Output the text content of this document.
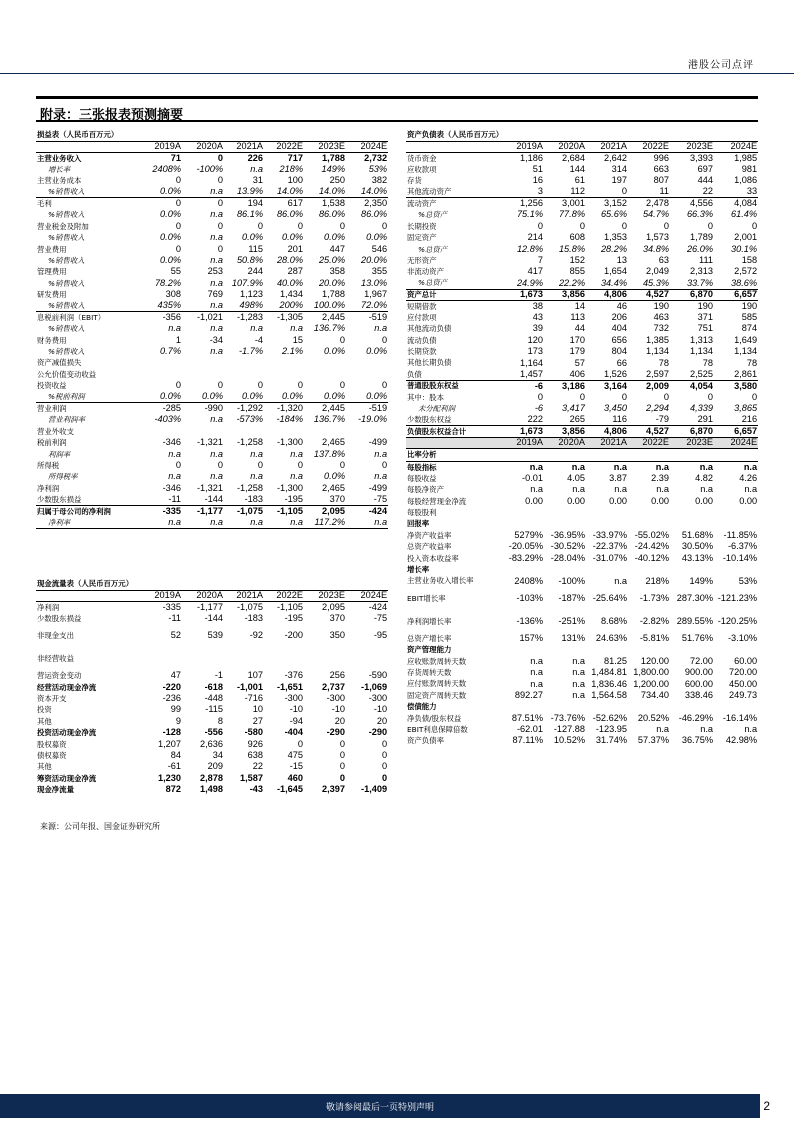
港股公司点评
附录：三张报表预测摘要
损益表（人民币百万元）						
	2019A	2020A	2021A	2022E	2023E	2024E
主营业务收入	71	0	226	717	1,788	2,732
增长率	2408%	-100%	n.a	218%	149%	53%
主营业务成本	0	0	31	100	250	382
%销售收入	0.0%	n.a	13.9%	14.0%	14.0%	14.0%
毛利	0	0	194	617	1,538	2,350
%销售收入	0.0%	n.a	86.1%	86.0%	86.0%	86.0%
营业税金及附加	0	0	0	0	0	0
%销售收入	0.0%	n.a	0.0%	0.0%	0.0%	0.0%
营业费用	0	0	115	201	447	546
%销售收入	0.0%	n.a	50.8%	28.0%	25.0%	20.0%
管理费用	55	253	244	287	358	355
%销售收入	78.2%	n.a	107.9%	40.0%	20.0%	13.0%
研发费用	308	769	1,123	1,434	1,788	1,967
%销售收入	435%	n.a	498%	200%	100.0%	72.0%
息税前利润（EBIT）	-356	-1,021	-1,283	-1,305	2,445	-519
%销售收入	n.a	n.a	n.a	n.a	136.7%	n.a
财务费用	1	-34	-4	15	0	0
%销售收入	0.7%	n.a	-1.7%	2.1%	0.0%	0.0%
资产减值损失						
公允价值变动收益						
投资收益	0	0	0	0	0	0
%税前利润	0.0%	0.0%	0.0%	0.0%	0.0%	0.0%
营业利润	-285	-990	-1,292	-1,320	2,445	-519
营业利润率	-403%	n.a	-573%	-184%	136.7%	-19.0%
营业外收支						
税前利润	-346	-1,321	-1,258	-1,300	2,465	-499
利润率	n.a	n.a	n.a	n.a	137.8%	n.a
所得税	0	0	0	0	0	0
所得税率	n.a	n.a	n.a	n.a	0.0%	n.a
净利润	-346	-1,321	-1,258	-1,300	2,465	-499
少数股东损益	-11	-144	-183	-195	370	-75
归属于母公司的净利润	-335	-1,177	-1,075	-1,105	2,095	-424
净利率	n.a	n.a	n.a	n.a	117.2%	n.a
资产负债表（人民币百万元）						
	2019A	2020A	2021A	2022E	2023E	2024E
货币资金	1,186	2,684	2,642	996	3,393	1,985
应收款项	51	144	314	663	697	981
存货	16	61	197	807	444	1,086
其他流动资产	3	112	0	11	22	33
流动资产	1,256	3,001	3,152	2,478	4,556	4,084
%总资产	75.1%	77.8%	65.6%	54.7%	66.3%	61.4%
长期投资	0	0	0	0	0	0
固定资产	214	608	1,353	1,573	1,789	2,001
%总资产	12.8%	15.8%	28.2%	34.8%	26.0%	30.1%
无形资产	7	152	13	63	111	158
非流动资产	417	855	1,654	2,049	2,313	2,572
%总资产	24.9%	22.2%	34.4%	45.3%	33.7%	38.6%
资产总计	1,673	3,856	4,806	4,527	6,870	6,657
短期借款	38	14	46	190	190	190
应付款项	43	113	206	463	371	585
其他流动负债	39	44	404	732	751	874
流动负债	120	170	656	1,385	1,313	1,649
长期贷款	173	179	804	1,134	1,134	1,134
其他长期负债	1,164	57	66	78	78	78
负债	1,457	406	1,526	2,597	2,525	2,861
普通股股东权益	-6	3,186	3,164	2,009	4,054	3,580
其中：股本	0	0	0	0	0	0
未分配利润	-6	3,417	3,450	2,294	4,339	3,865
少数股东权益	222	265	116	-79	291	216
负债股东权益合计	1,673	3,856	4,806	4,527	6,870	6,657
	2019A	2020A	2021A	2022E	2023E	2024E
比率分析						
每股指标	n.a	n.a	n.a	n.a	n.a	n.a
每股收益	-0.01	4.05	3.87	2.39	4.82	4.26
每股净资产	n.a	n.a	n.a	n.a	n.a	n.a
每股经营现金净流	0.00	0.00	0.00	0.00	0.00	0.00
每股股利						
回报率						
净资产收益率	5279%	-36.95%	-33.97%	-55.02%	51.68%	-11.85%
总资产收益率	-20.05%	-30.52%	-22.37%	-24.42%	30.50%	-6.37%
投入资本收益率	-83.29%	-28.04%	-31.07%	-40.12%	43.13%	-10.14%
增长率						
主营业务收入增长率	2408%	-100%	n.a	218%	149%	53%
EBIT增长率	-103%	-187%	-25.64%	-1.73%	287.30%	-121.23%
净利润增长率	-136%	-251%	8.68%	-2.82%	289.55%	-120.25%
总资产增长率	157%	131%	24.63%	-5.81%	51.76%	-3.10%
资产管理能力						
应收账款周转天数	n.a	n.a	81.25	120.00	72.00	60.00
存货周转天数	n.a	n.a	1,484.81	1,800.00	900.00	720.00
应付账款周转天数	n.a	n.a	1,836.46	1,200.00	600.00	450.00
固定资产周转天数	892.27	n.a	1,564.58	734.40	338.46	249.73
偿债能力						
净负债/股东权益	87.51%	-73.76%	-52.62%	20.52%	-46.29%	-16.14%
EBIT利息保障倍数	-62.01	-127.88	-123.95	n.a	n.a	n.a
资产负债率	87.11%	10.52%	31.74%	57.37%	36.75%	42.98%
现金流量表（人民币百万元）						
	2019A	2020A	2021A	2022E	2023E	2024E
净利润	-335	-1,177	-1,075	-1,105	2,095	-424
少数股东损益	-11	-144	-183	-195	370	-75
非现金支出	52	539	-92	-200	350	-95
非经营收益						
营运资金变动	47	-1	107	-376	256	-590
经营活动现金净流	-220	-618	-1,001	-1,651	2,737	-1,069
资本开支	-236	-448	-716	-300	-300	-300
投资	99	-115	10	-10	-10	-10
其他	9	8	27	-94	20	20
投资活动现金净流	-128	-556	-580	-404	-290	-290
股权募资	1,207	2,636	926	0	0	0
债权募资	84	34	638	475	0	0
其他	-61	209	22	-15	0	0
筹资活动现金净流	1,230	2,878	1,587	460	0	0
现金净流量	872	1,498	-43	-1,645	2,397	-1,409
来源：公司年报、国金证券研究所
敬请参阅最后一页特别声明	2
